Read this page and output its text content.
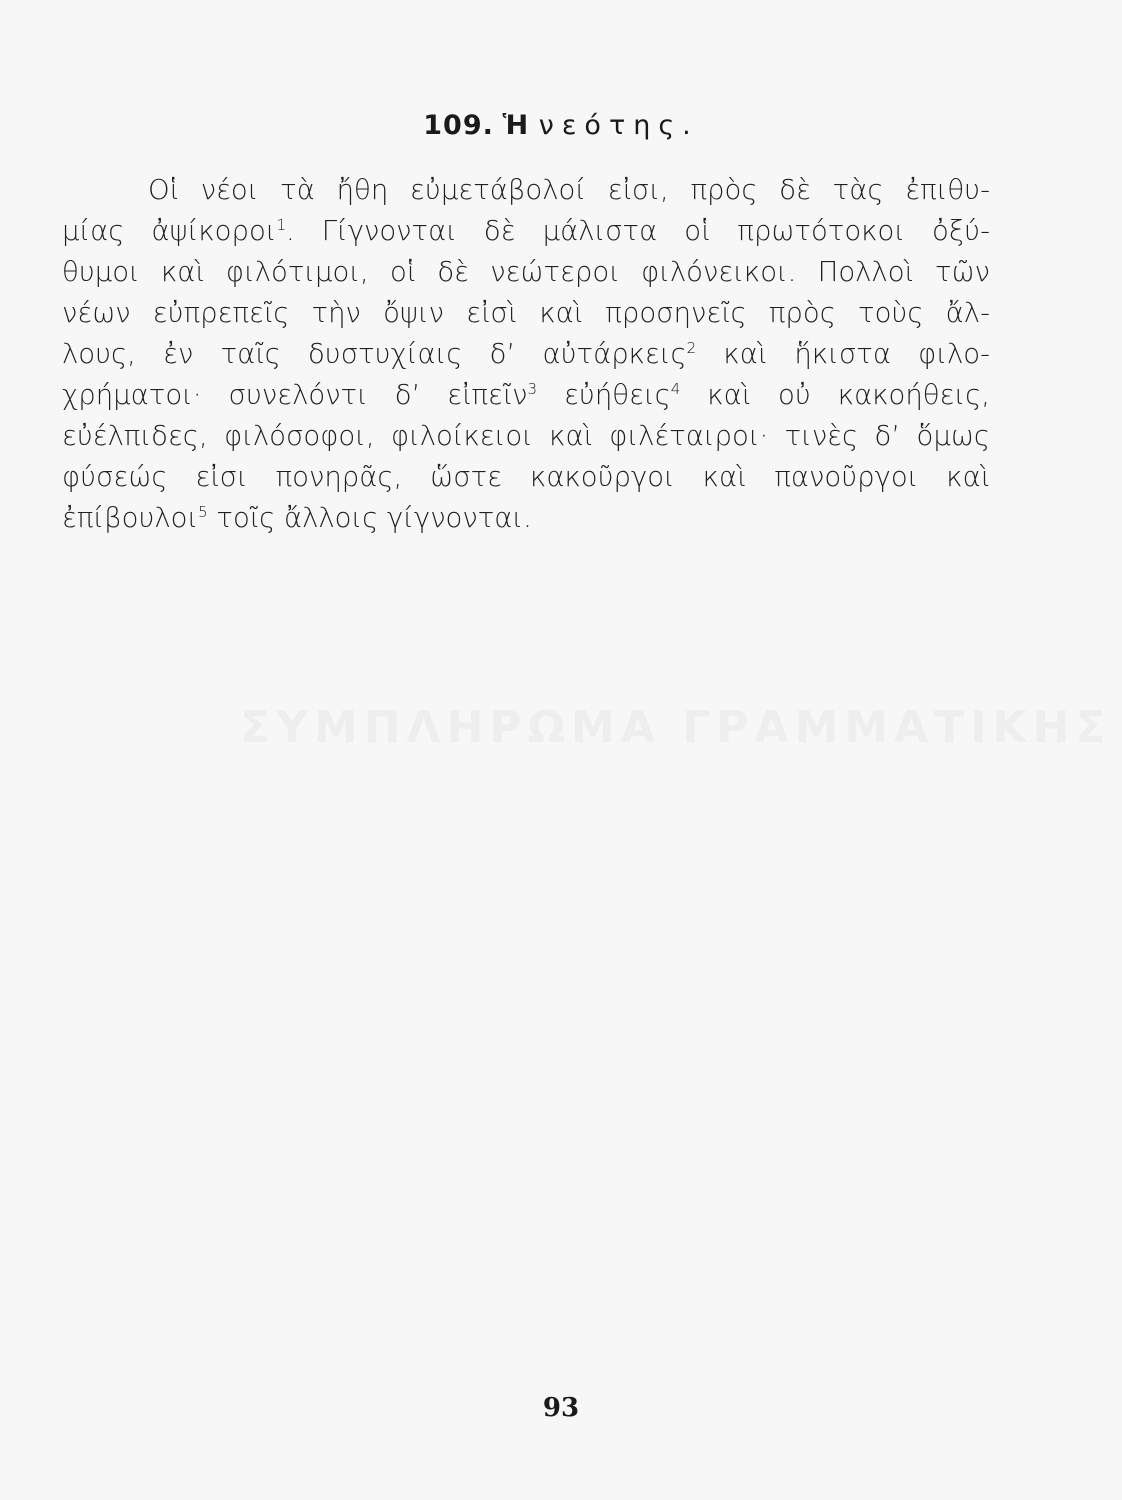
ΣΥΜΠΛΗΡΩΜΑ ΓΡΑΜΜΑΤΙΚΗΣ
109. Ἡ νεότης.
Οἱ νέοι τὰ ἤθη εὐμετάβολοί εἰσι, πρὸς δὲ τὰς ἐπιθυ-
μίας ἀψίκοροι$^1$. Γίγνονται δὲ μάλιστα οἱ πρωτότοκοι ὀξύ-
θυμοι καὶ φιλότιμοι, οἱ δὲ νεώτεροι φιλόνεικοι. Πολλοὶ τῶν
νέων εὐπρεπεῖς τὴν ὄψιν εἰσὶ καὶ προσηνεῖς πρὸς τοὺς ἄλ-
λους, ἐν ταῖς δυστυχίαις δ’ αὐτάρκεις$^2$ καὶ ἥκιστα φιλο-
χρήματοι· συνελόντι δ’ εἰπεῖν$^3$ εὐήθεις$^4$ καὶ οὐ κακοήθεις,
εὐέλπιδες, φιλόσοφοι, φιλοίκειοι καὶ φιλέταιροι· τινὲς δ’ ὅμως
φύσεώς εἰσι πονηρᾶς, ὥστε κακοῦργοι καὶ πανοῦργοι καὶ
ἐπίβουλοι$^5$ τοῖς ἄλλοις γίγνονται.
93
